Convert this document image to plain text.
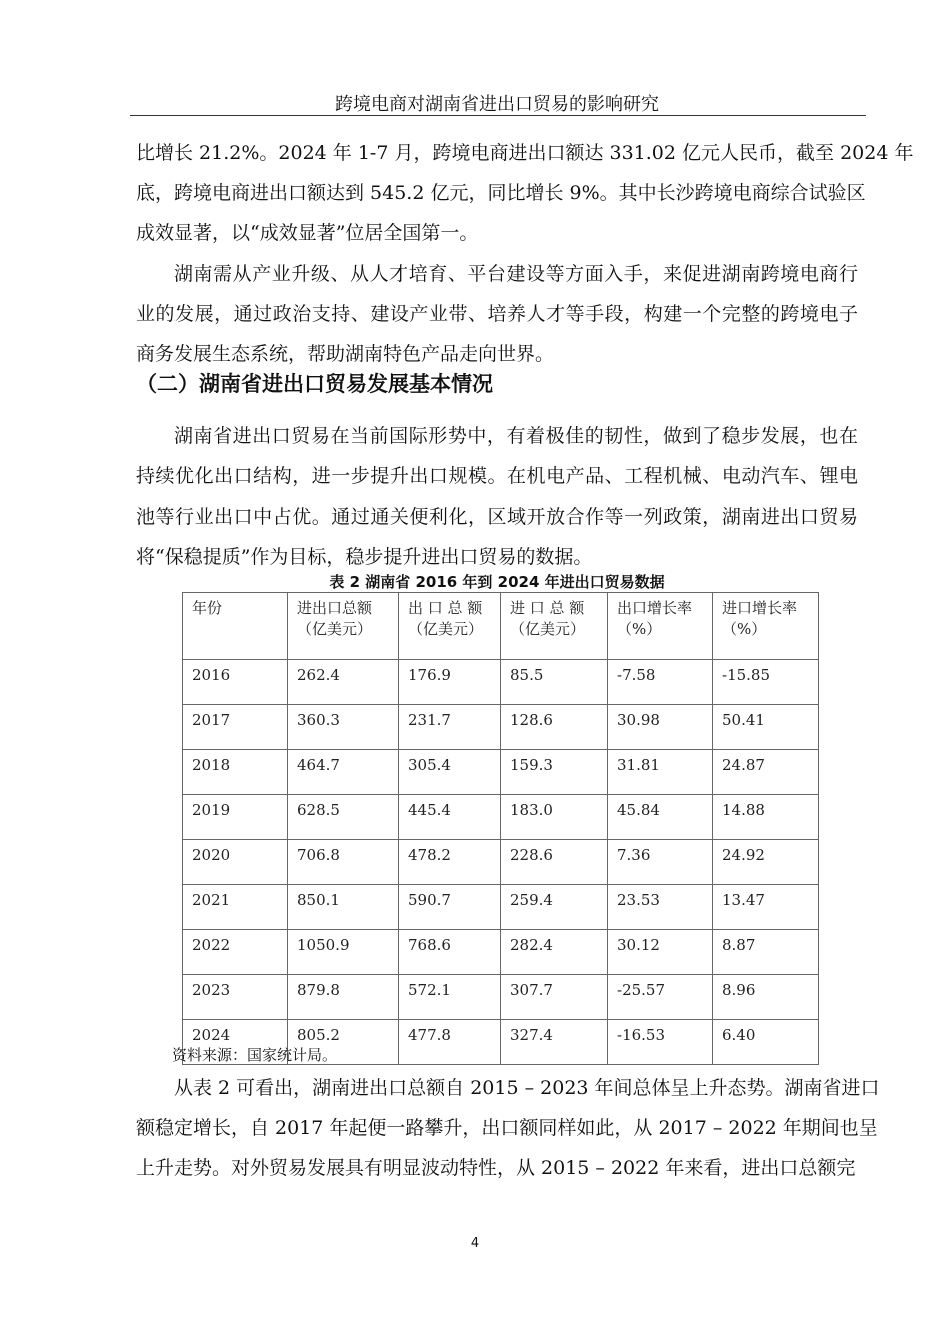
跨境电商对湖南省进出口贸易的影响研究
比增长 21.2%。2024 年 1-7 月，跨境电商进出口额达 331.02 亿元人民币，截至 2024 年
底，跨境电商进出口额达到 545.2 亿元，同比增长 9%。其中长沙跨境电商综合试验区
成效显著，以“成效显著”位居全国第一。
湖南需从产业升级、从人才培育、平台建设等方面入手，来促进湖南跨境电商行
业的发展，通过政治支持、建设产业带、培养人才等手段，构建一个完整的跨境电子
商务发展生态系统，帮助湖南特色产品走向世界。
湖南省进出口贸易在当前国际形势中，有着极佳的韧性，做到了稳步发展，也在
持续优化出口结构，进一步提升出口规模。在机电产品、工程机械、电动汽车、锂电
池等行业出口中占优。通过通关便利化，区域开放合作等一列政策，湖南进出口贸易
将“保稳提质”作为目标，稳步提升进出口贸易的数据。
从表 2 可看出，湖南进出口总额自 2015 – 2023 年间总体呈上升态势。湖南省进口
额稳定增长，自 2017 年起便一路攀升，出口额同样如此，从 2017 – 2022 年期间也呈
上升走势。对外贸易发展具有明显波动特性，从 2015 – 2022 年来看，进出口总额完
（二）湖南省进出口贸易发展基本情况
表 2 湖南省 2016 年到 2024 年进出口贸易数据
年份	进出口总额（亿美元）	出 口 总 额（亿美元）	进 口 总 额（亿美元）	出口增长率（%）	进口增长率（%）
2016	262.4	176.9	85.5	-7.58	-15.85
2017	360.3	231.7	128.6	30.98	50.41
2018	464.7	305.4	159.3	31.81	24.87
2019	628.5	445.4	183.0	45.84	14.88
2020	706.8	478.2	228.6	7.36	24.92
2021	850.1	590.7	259.4	23.53	13.47
2022	1050.9	768.6	282.4	30.12	8.87
2023	879.8	572.1	307.7	-25.57	8.96
2024	805.2	477.8	327.4	-16.53	6.40
资料来源：国家统计局。
4
